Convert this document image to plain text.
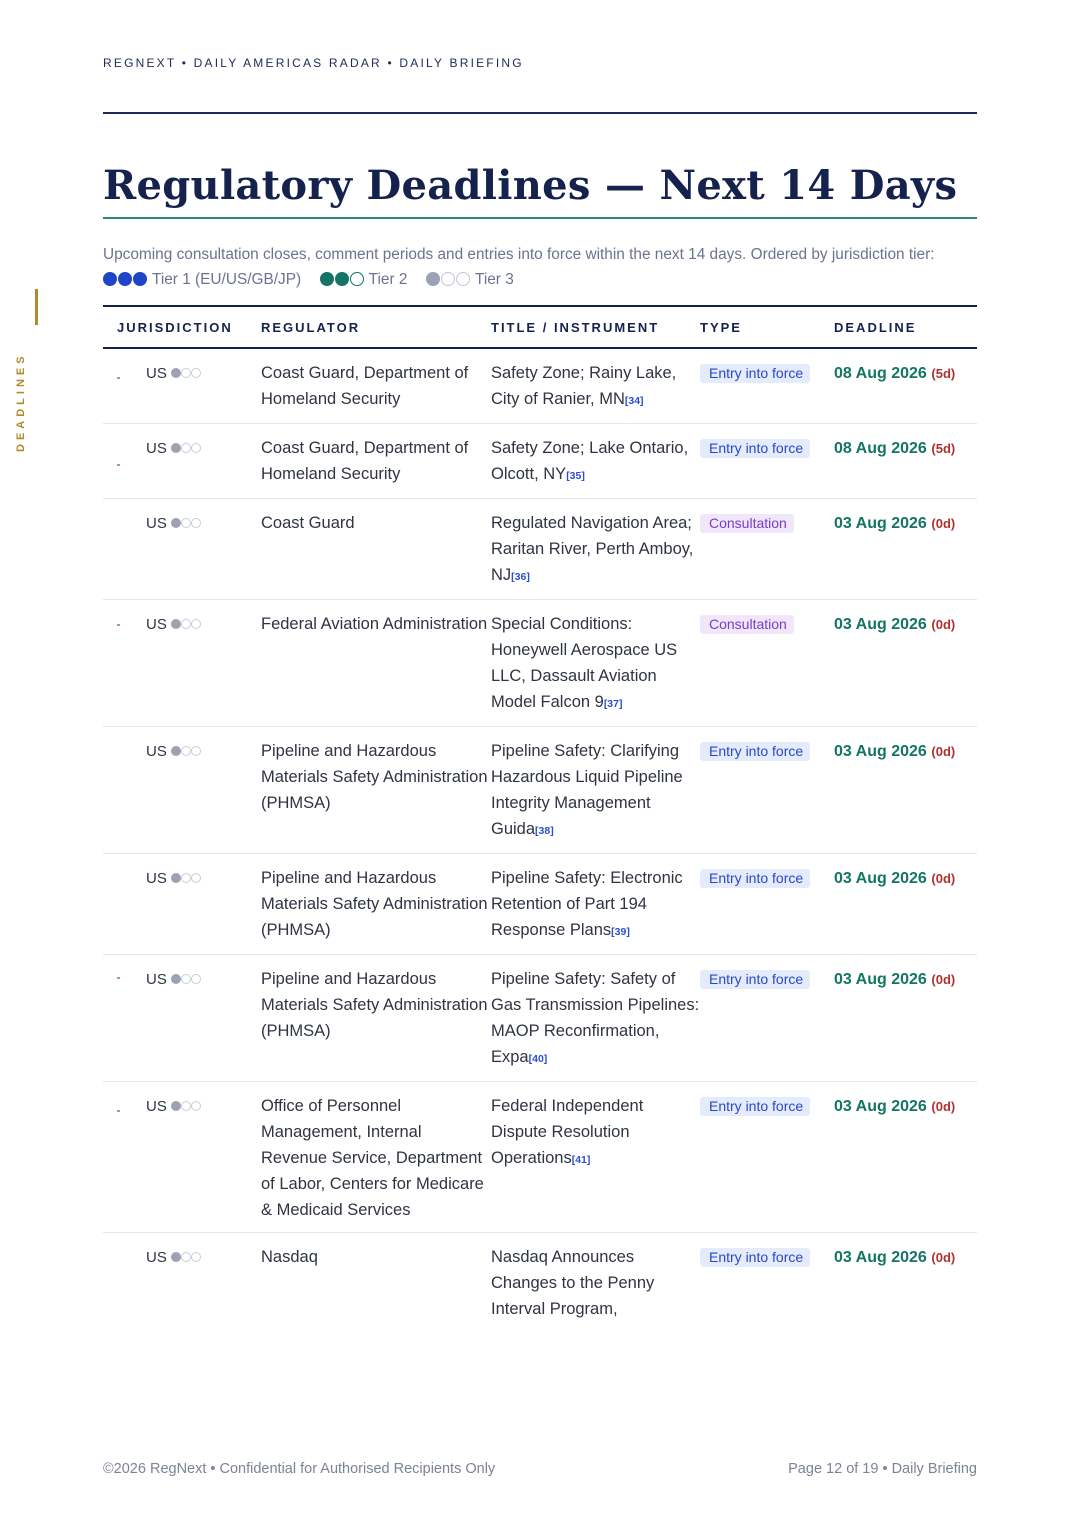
REGNEXT • DAILY AMERICAS RADAR • DAILY BRIEFING
DEADLINES
Regulatory Deadlines — Next 14 Days
Upcoming consultation closes, comment periods and entries into force within the next 14 days. Ordered by jurisdiction tier:
Tier 1 (EU/US/GB/JP)	Tier 2	Tier 3
JURISDICTION	REGULATOR	TITLE / INSTRUMENT	TYPE	DEADLINE
US	Coast Guard, Department of Homeland Security	Safety Zone; Rainy Lake, City of Ranier, MN[34]	Entry into force	08 Aug 2026 (5d)
US	Coast Guard, Department of Homeland Security	Safety Zone; Lake Ontario, Olcott, NY[35]	Entry into force	08 Aug 2026 (5d)
US	Coast Guard	Regulated Navigation Area; Raritan River, Perth Amboy, NJ[36]	Consultation	03 Aug 2026 (0d)
US	Federal Aviation Administration	Special Conditions: Honeywell Aerospace US LLC, Dassault Aviation Model Falcon 9[37]	Consultation	03 Aug 2026 (0d)
US	Pipeline and Hazardous Materials Safety Administration (PHMSA)	Pipeline Safety: Clarifying Hazardous Liquid Pipeline Integrity Management Guida[38]	Entry into force	03 Aug 2026 (0d)
US	Pipeline and Hazardous Materials Safety Administration (PHMSA)	Pipeline Safety: Electronic Retention of Part 194 Response Plans[39]	Entry into force	03 Aug 2026 (0d)
US	Pipeline and Hazardous Materials Safety Administration (PHMSA)	Pipeline Safety: Safety of Gas Transmission Pipelines: MAOP Reconfirmation, Expa[40]	Entry into force	03 Aug 2026 (0d)
US	Office of Personnel Management, Internal Revenue Service, Department of Labor, Centers for Medicare & Medicaid Services	Federal Independent Dispute Resolution Operations[41]	Entry into force	03 Aug 2026 (0d)
US	Nasdaq	Nasdaq Announces Changes to the Penny Interval Program,	Entry into force	03 Aug 2026 (0d)
©2026 RegNext • Confidential for Authorised Recipients Only	Page 12 of 19 • Daily Briefing
